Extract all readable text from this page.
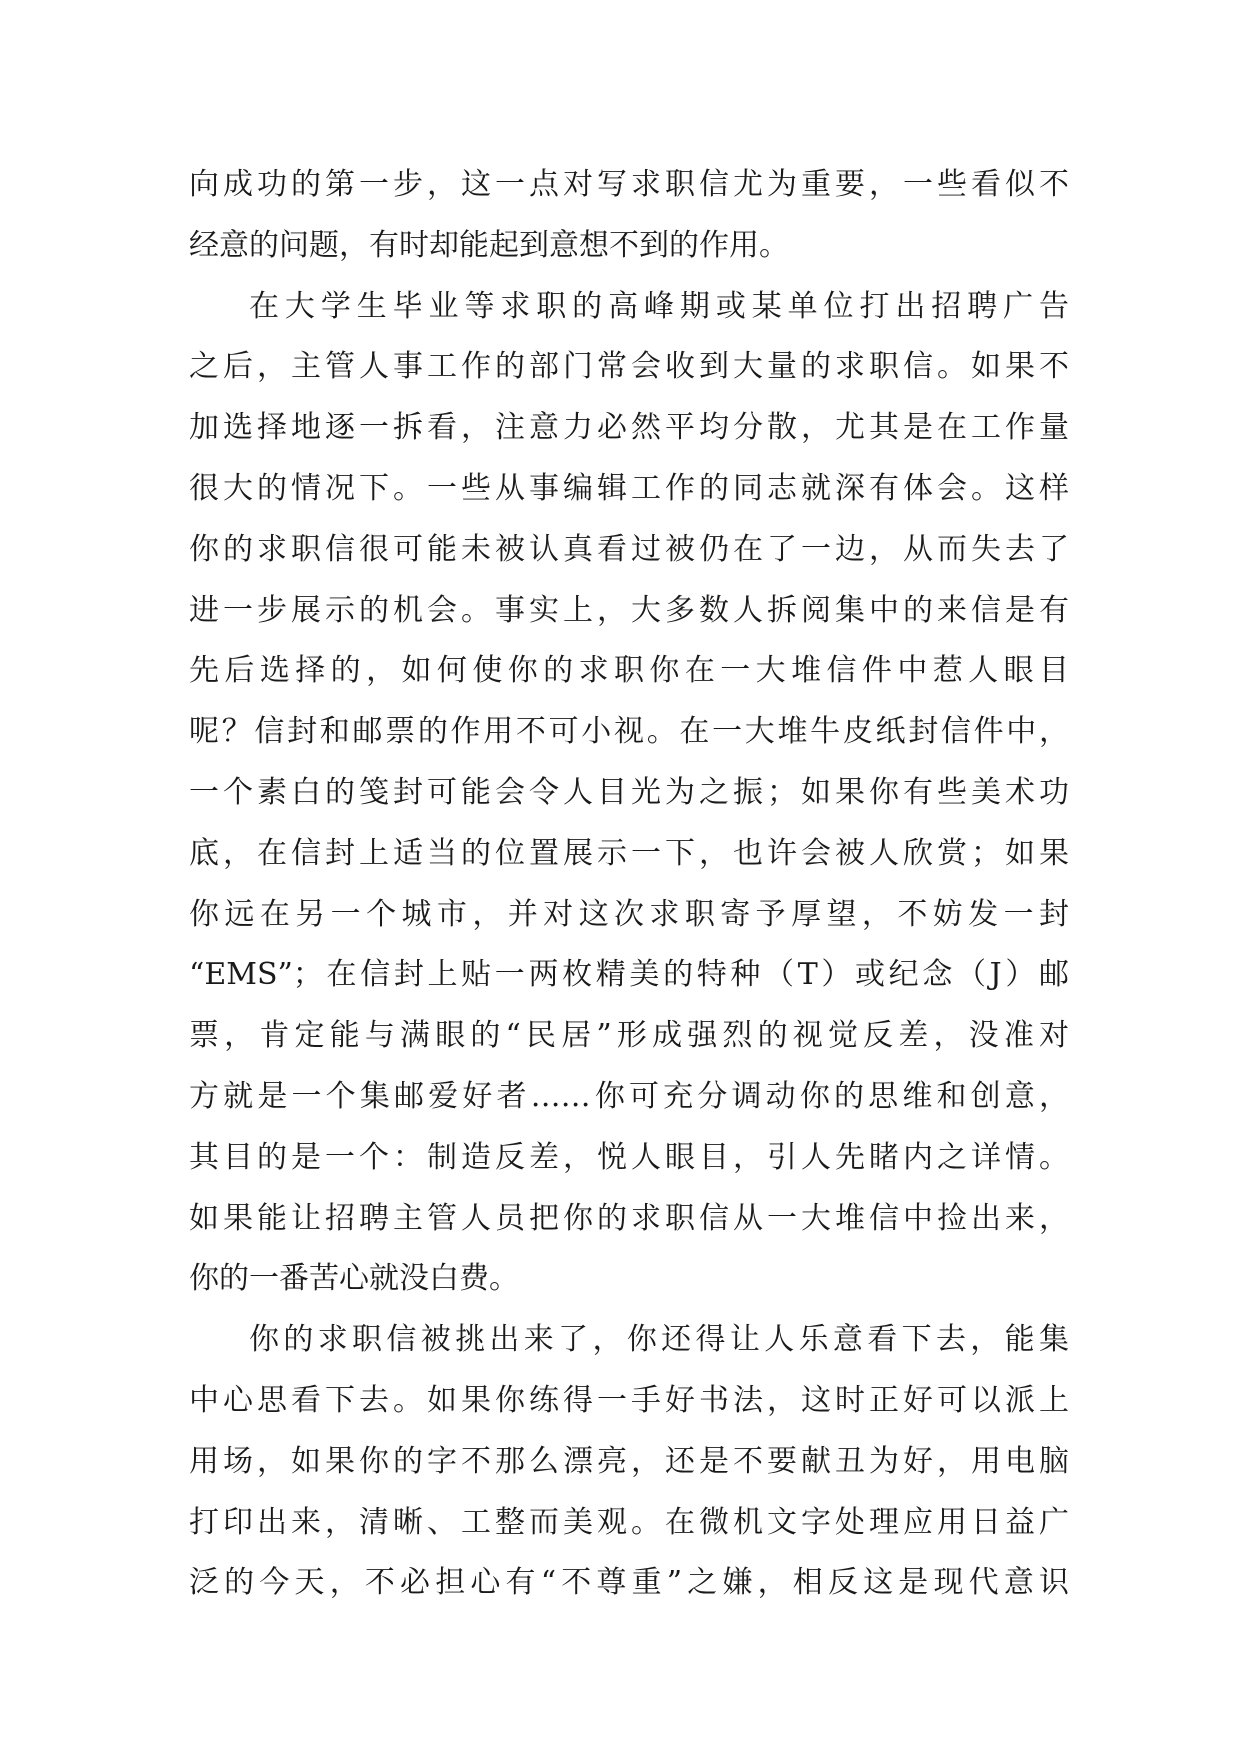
向成功的第一步，这一点对写求职信尤为重要，一些看似不
经意的问题，有时却能起到意想不到的作用。
在大学生毕业等求职的高峰期或某单位打出招聘广告
之后，主管人事工作的部门常会收到大量的求职信。如果不
加选择地逐一拆看，注意力必然平均分散，尤其是在工作量
很大的情况下。一些从事编辑工作的同志就深有体会。这样
你的求职信很可能未被认真看过被仍在了一边，从而失去了
进一步展示的机会。事实上，大多数人拆阅集中的来信是有
先后选择的，如何使你的求职你在一大堆信件中惹人眼目
呢？信封和邮票的作用不可小视。在一大堆牛皮纸封信件中，
一个素白的笺封可能会令人目光为之振；如果你有些美术功
底，在信封上适当的位置展示一下，也许会被人欣赏；如果
你远在另一个城市，并对这次求职寄予厚望，不妨发一封
“EMS”；在信封上贴一两枚精美的特种（T）或纪念（J）邮
票，肯定能与满眼的“民居”形成强烈的视觉反差，没准对
方就是一个集邮爱好者……你可充分调动你的思维和创意，
其目的是一个：制造反差，悦人眼目，引人先睹内之详情。
如果能让招聘主管人员把你的求职信从一大堆信中捡出来，
你的一番苦心就没白费。
你的求职信被挑出来了，你还得让人乐意看下去，能集
中心思看下去。如果你练得一手好书法，这时正好可以派上
用场，如果你的字不那么漂亮，还是不要献丑为好，用电脑
打印出来，清晰、工整而美观。在微机文字处理应用日益广
泛的今天，不必担心有“不尊重”之嫌，相反这是现代意识
